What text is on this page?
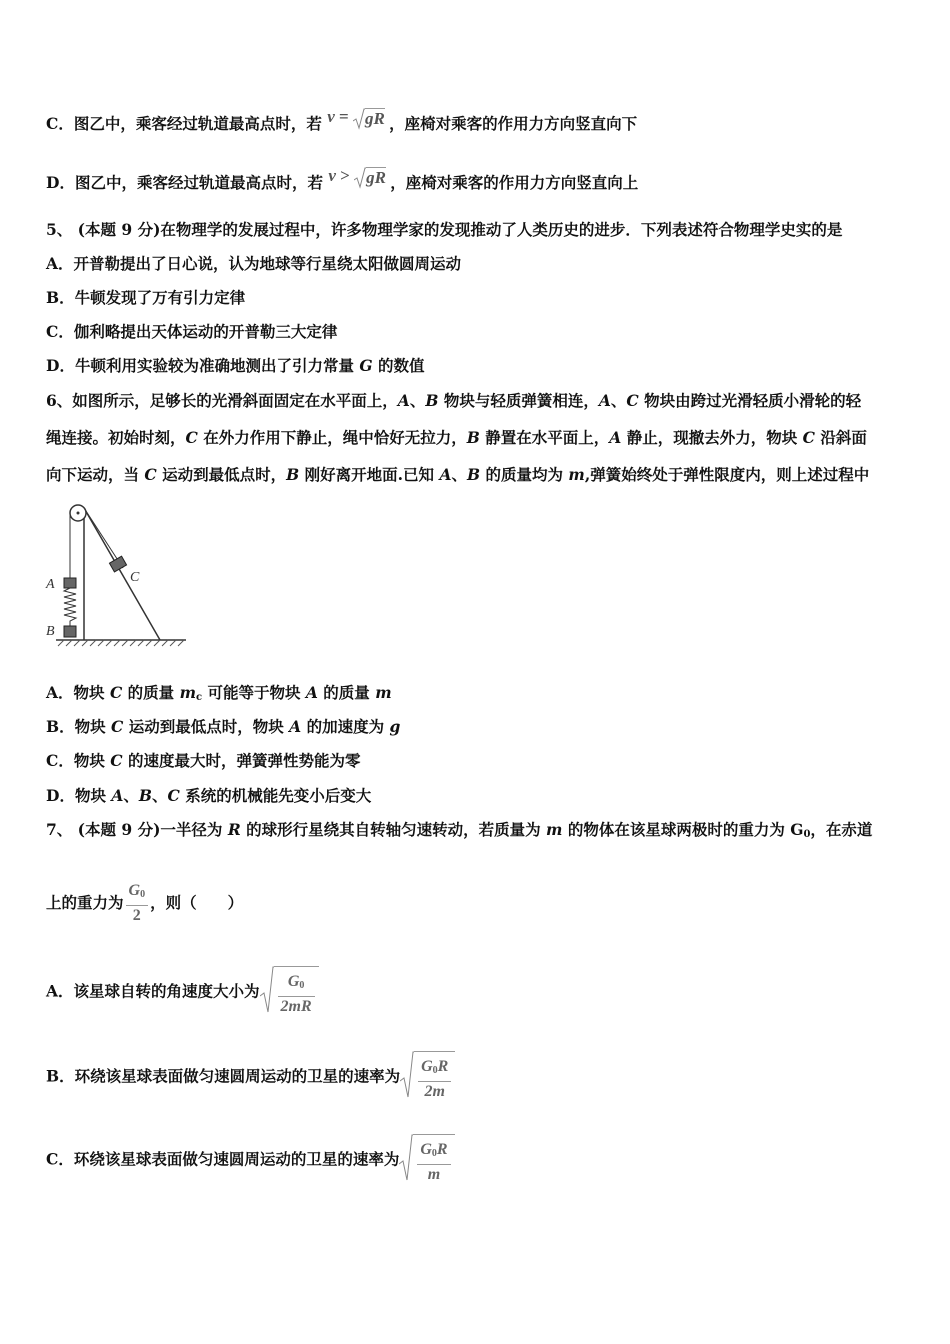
C．图乙中，乘客经过轨道最高点时，若 v = gR ，座椅对乘客的作用力方向竖直向下
D．图乙中，乘客经过轨道最高点时，若 v > gR ，座椅对乘客的作用力方向竖直向上
5、 (本题 9 分)在物理学的发展过程中，许多物理学家的发现推动了人类历史的进步．下列表述符合物理学史实的是
A．开普勒提出了日心说，认为地球等行星绕太阳做圆周运动
B．牛顿发现了万有引力定律
C．伽利略提出天体运动的开普勒三大定律
D．牛顿利用实验较为准确地测出了引力常量 G 的数值
6、如图所示，足够长的光滑斜面固定在水平面上，A、B 物块与轻质弹簧相连，A、C 物块由跨过光滑轻质小滑轮的轻
绳连接。初始时刻，C 在外力作用下静止，绳中恰好无拉力，B 静置在水平面上，A 静止，现撤去外力，物块 C 沿斜面
向下运动，当 C 运动到最低点时，B 刚好离开地面.已知 A、B 的质量均为 m,弹簧始终处于弹性限度内，则上述过程中
A
B
C
A．物块 C 的质量 $m_c$ 可能等于物块 A 的质量 m
B．物块 C 运动到最低点时，物块 A 的加速度为 g
C．物块 C 的速度最大时，弹簧弹性势能为零
D．物块 A、B、C 系统的机械能先变小后变大
7、 (本题 9 分)一半径为 R 的球形行星绕其自转轴匀速转动，若质量为 m 的物体在该星球两极时的重力为 $G_0$，在赤道
上的重力为 $\frac{G_0}{2}$ ，则（　　）
A．该星球自转的角速度大小为 $\frac{G_0}{2mR}$
B．环绕该星球表面做匀速圆周运动的卫星的速率为 $\frac{G_0R}{2m}$
C．环绕该星球表面做匀速圆周运动的卫星的速率为 $\frac{G_0R}{m}$
